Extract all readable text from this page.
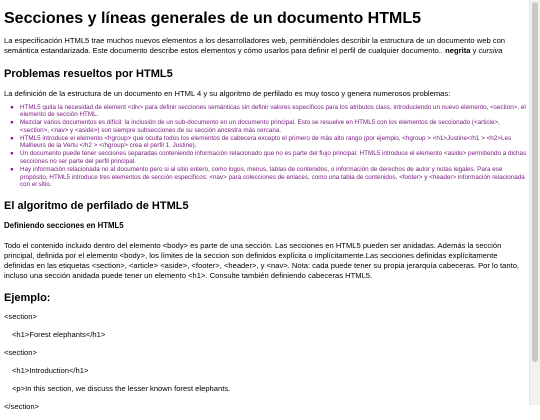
Secciones y líneas generales de un documento HTML5

La especificación HTML5 trae muchos nuevos elementos a los desarrolladores web, permitiéndoles describir la estructura de un documento web con semántica estandarizada. Este documento describe estos elementos y cómo usarlos para definir el perfil de cualquier documento.. negrita y cursiva

Problemas resueltos por HTML5

La definición de la estructura de un documento en HTML 4 y su algoritmo de perfilado es muy tosco y genera numerosos problemas:

● HTML5 quita la necesidad de element <div> para definir secciones semánticas sin definir valores específicos para los atributos class, introduciendo un nuevo elemento, <section>, el elemento de sección HTML.
● Mezclar varios documentos es difícil: la inclusión de un sub-documento en un documento principal. Esto se resuelve en HTML5 con los elementos de seccionado (<article>, <section>, <nav> y <aside>) son siempre subsecciones de su sección ancestra más cercana.
● HTML5 introduce el elemento <hgroup> que oculta todos los elementos de cabecera excepto el primero de más alto rango (por ejemplo, <hgroup > <h1>Justine</h1 > <h2>Les Malheurs de la Vertu </h2 > </hgroup> crea el perfil 1. Justine).
● Un documento puede tener secciones separadas conteniendo información relacionado que no es parte del flujo principal. HTML5 introduce el elemento <aside> permitiendo a dichas secciones no ser parte del perfil principal.
● Hay información relacionada no al documento pero si al sitio entero, como logos, menus, tablas de contenidos, o información de derechos de autor y notas legales. Para ese propósito, HTML5 introduce tres elementos de sección específicos: <nav> para colecciones de enlaces, como una tabla de contenidos, <footer> y <header> información relacionada con el sitio.
El algoritmo de perfilado de HTML5
Definiendo secciones en HTML5

Todo el contenido incluido dentro del elemento <body> es parte de una sección. Las secciones en HTML5 pueden ser anidadas. Además la sección principal, definida por el elemento <body>, los límites de la seccion son definidos explícita o implícitamente.Las secciones definidas explícitamente definidas en las etiquetas <section>, <article> <aside>, <footer>, <header>, y <nav>. Nota: cada puede tener su propia jerarquía cabeceras. Por lo tanto, incluso una sección anidada puede tener un elemento <h1>. Consulte también definiendo cabeceras HTML5.

Ejemplo:

<section>

<h1>Forest elephants</h1>

<section>

<h1>Introduction</h1>

<p>In this section, we discuss the lesser known forest elephants.

</section>
